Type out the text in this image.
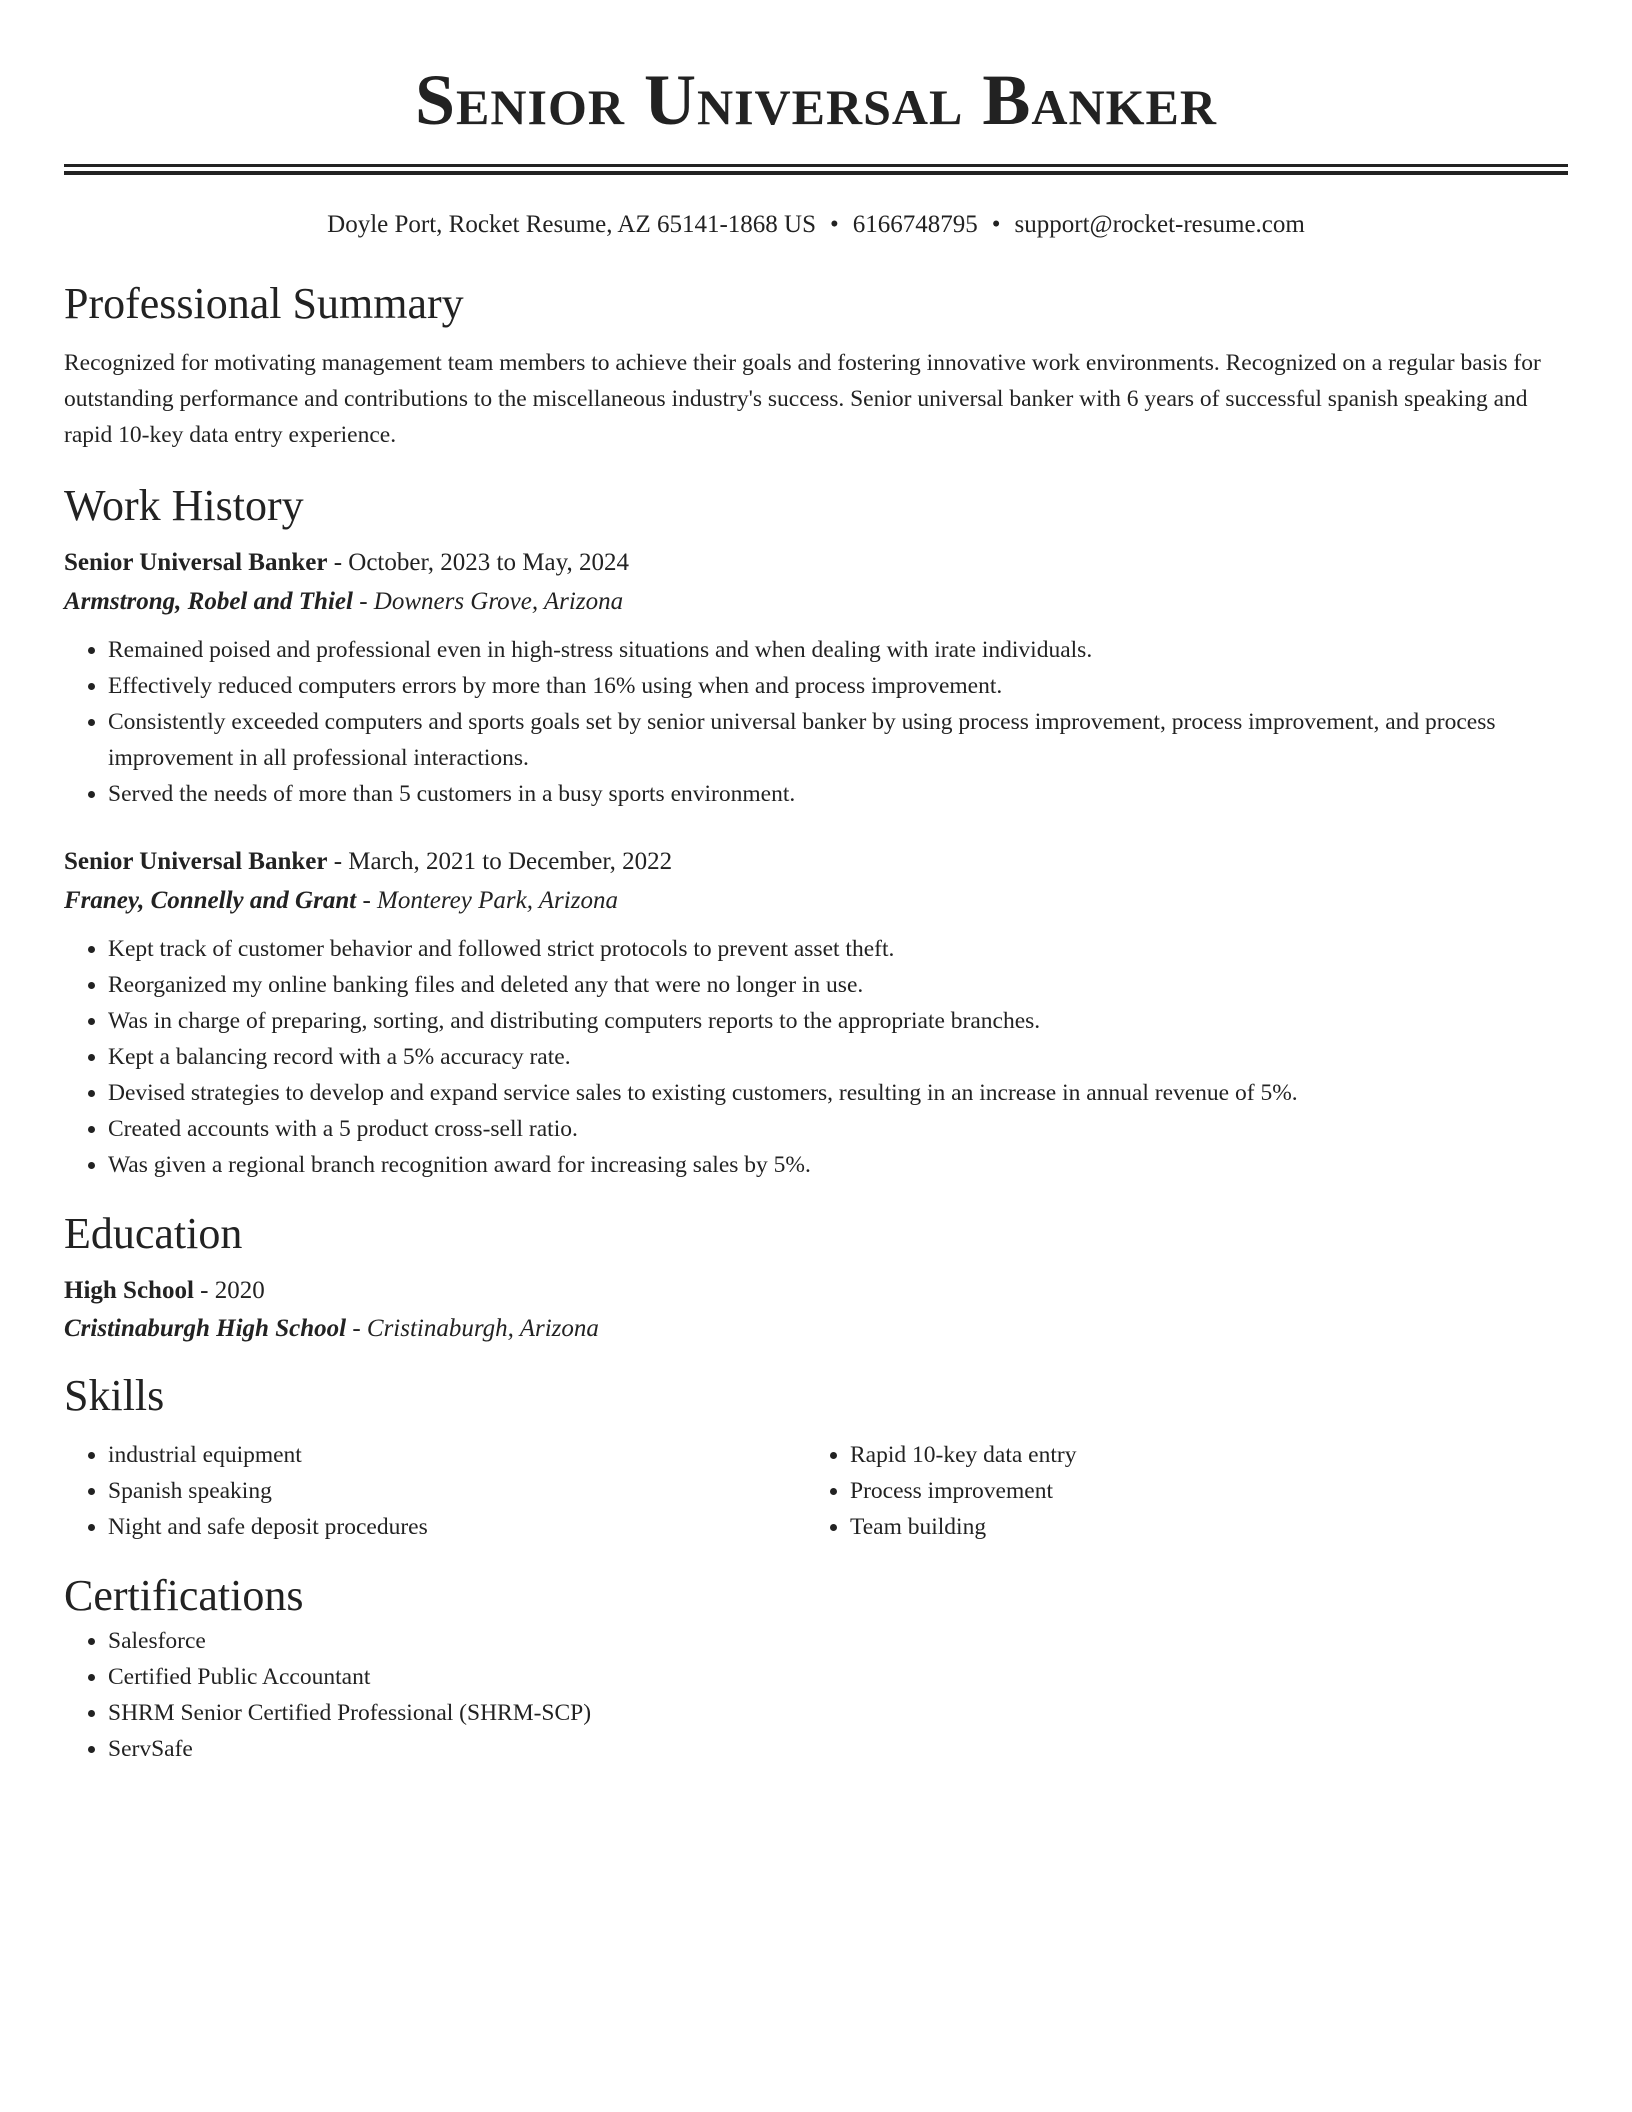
Senior Universal Banker
Doyle Port, Rocket Resume, AZ 65141-1868 US • 6166748795 • support@rocket-resume.com
Professional Summary

Recognized for motivating management team members to achieve their goals and fostering innovative work environments. Recognized on a regular basis for outstanding performance and contributions to the miscellaneous industry's success. Senior universal banker with 6 years of successful spanish speaking and rapid 10-key data entry experience.

Work History
Senior Universal Banker - October, 2023 to May, 2024
Armstrong, Robel and Thiel - Downers Grove, Arizona
• Remained poised and professional even in high-stress situations and when dealing with irate individuals.
• Effectively reduced computers errors by more than 16% using when and process improvement.
• Consistently exceeded computers and sports goals set by senior universal banker by using process improvement, process improvement, and process improvement in all professional interactions.
• Served the needs of more than 5 customers in a busy sports environment.
Senior Universal Banker - March, 2021 to December, 2022
Franey, Connelly and Grant - Monterey Park, Arizona
• Kept track of customer behavior and followed strict protocols to prevent asset theft.
• Reorganized my online banking files and deleted any that were no longer in use.
• Was in charge of preparing, sorting, and distributing computers reports to the appropriate branches.
• Kept a balancing record with a 5% accuracy rate.
• Devised strategies to develop and expand service sales to existing customers, resulting in an increase in annual revenue of 5%.
• Created accounts with a 5 product cross-sell ratio.
• Was given a regional branch recognition award for increasing sales by 5%.
Education
High School - 2020
Cristinaburgh High School - Cristinaburgh, Arizona
Skills
• industrial equipment
• Spanish speaking
• Night and safe deposit procedures
• Rapid 10-key data entry
• Process improvement
• Team building
Certifications
• Salesforce
• Certified Public Accountant
• SHRM Senior Certified Professional (SHRM-SCP)
• ServSafe
